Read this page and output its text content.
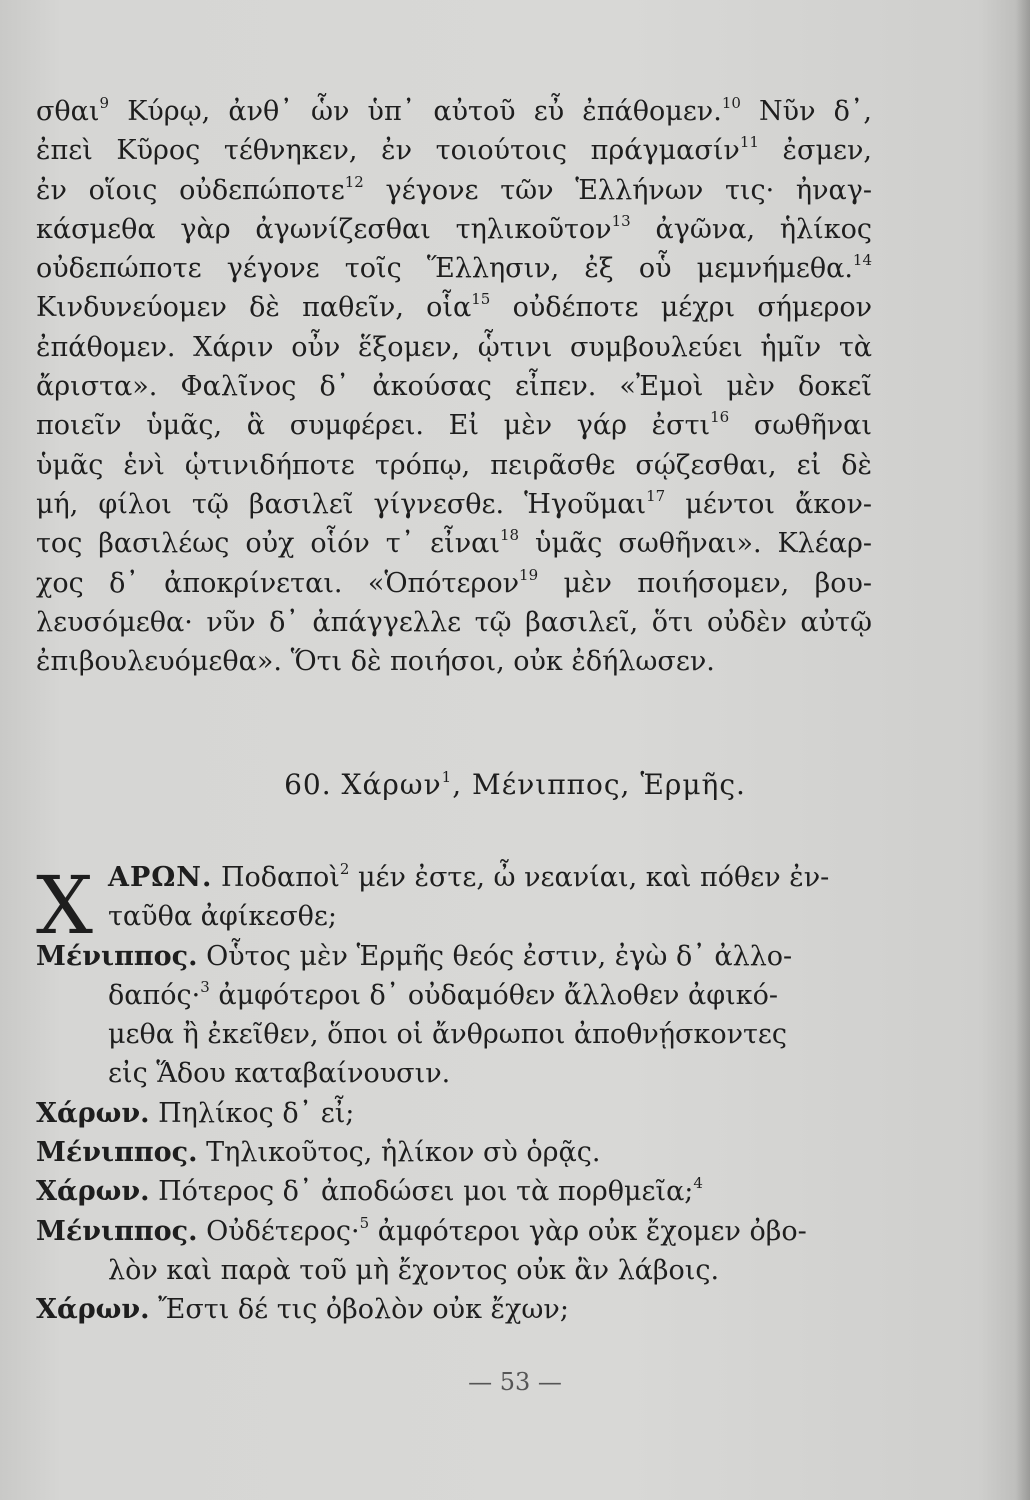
σθαι$^9$ Κύρῳ, ἀνθ᾽ ὧν ὑπ᾽ αὐτοῦ εὖ ἐπάθομεν.$^{10}$ Νῦν δ᾽,
ἐπεὶ Κῦρος τέθνηκεν, ἐν τοιούτοις πράγμασίν$^{11}$ ἐσμεν,
ἐν οἵοις οὐδεπώποτε$^{12}$ γέγονε τῶν Ἑλλήνων τις· ἠναγ-
κάσμεθα γὰρ ἀγωνίζεσθαι τηλικοῦτον$^{13}$ ἀγῶνα, ἡλίκος
οὐδεπώποτε γέγονε τοῖς Ἕλλησιν, ἐξ οὗ μεμνήμεθα.$^{14}$
Κινδυνεύομεν δὲ παθεῖν, οἷα$^{15}$ οὐδέποτε μέχρι σήμερον
ἐπάθομεν. Χάριν οὖν ἕξομεν, ᾧτινι συμβουλεύει ἡμῖν τὰ
ἄριστα». Φαλῖνος δ᾽ ἀκούσας εἶπεν. «Ἐμοὶ μὲν δοκεῖ
ποιεῖν ὑμᾶς, ἃ συμφέρει. Εἰ μὲν γάρ ἐστι$^{16}$ σωθῆναι
ὑμᾶς ἑνὶ ᾡτινιδήποτε τρόπῳ, πειρᾶσθε σῴζεσθαι, εἰ δὲ
μή, φίλοι τῷ βασιλεῖ γίγνεσθε. Ἡγοῦμαι$^{17}$ μέντοι ἄκον-
τος βασιλέως οὐχ οἷόν τ᾽ εἶναι$^{18}$ ὑμᾶς σωθῆναι». Κλέαρ-
χος δ᾽ ἀποκρίνεται. «Ὁπότερον$^{19}$ μὲν ποιήσομεν, βου-
λευσόμεθα· νῦν δ᾽ ἀπάγγελλε τῷ βασιλεῖ, ὅτι οὐδὲν αὐτῷ
ἐπιβουλευόμεθα». Ὅτι δὲ ποιήσοι, οὐκ ἐδήλωσεν.
60. Χάρων$^1$, Μένιππος, Ἑρμῆς.
Χ ΑΡΩΝ. Ποδαποὶ$^2$ μέν ἐστε, ὦ νεανίαι, καὶ πόθεν ἐν-
ταῦθα ἀφίκεσθε;
Μένιππος. Οὗτος μὲν Ἑρμῆς θεός ἐστιν, ἐγὼ δ᾽ ἀλλο-
δαπός·$^3$ ἀμφότεροι δ᾽ οὐδαμόθεν ἄλλοθεν ἀφικό-
μεθα ἢ ἐκεῖθεν, ὅποι οἱ ἄνθρωποι ἀποθνῄσκοντες
εἰς Ἅδου καταβαίνουσιν.
Χάρων. Πηλίκος δ᾽ εἶ;
Μένιππος. Τηλικοῦτος, ἡλίκον σὺ ὁρᾷς.
Χάρων. Πότερος δ᾽ ἀποδώσει μοι τὰ πορθμεῖα;$^4$
Μένιππος. Οὐδέτερος·$^5$ ἀμφότεροι γὰρ οὐκ ἔχομεν ὀβο-
λὸν καὶ παρὰ τοῦ μὴ ἔχοντος οὐκ ἂν λάβοις.
Χάρων. Ἔστι δέ τις ὀβολὸν οὐκ ἔχων;
— 53 —
